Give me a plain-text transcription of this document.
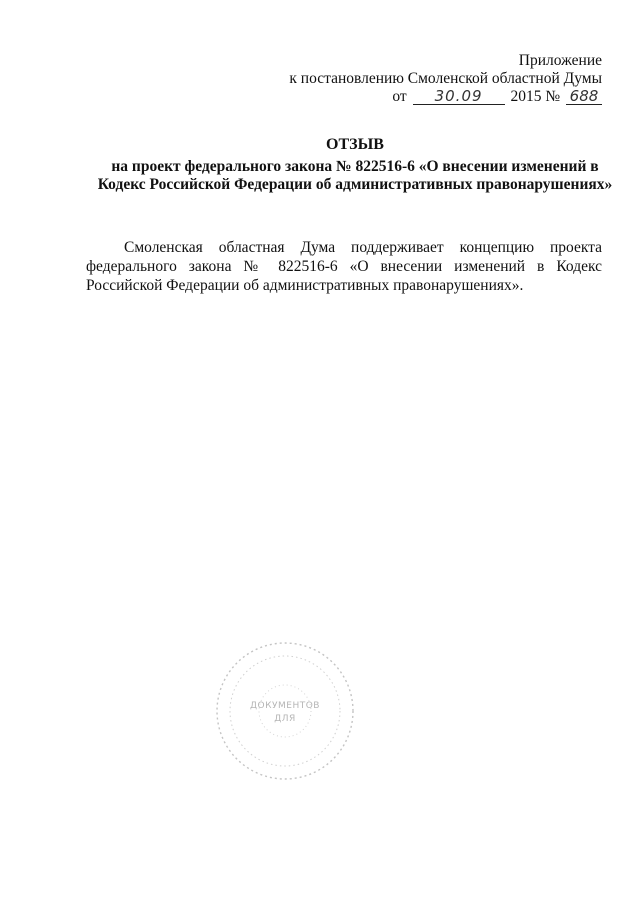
Приложение
к постановлению Смоленской областной Думы
от 30.09 2015 № 688
ОТЗЫВ
на проект федерального закона № 822516-6 «О внесении изменений в
Кодекс Российской Федерации об административных правонарушениях»

Смоленская областная Дума поддерживает концепцию проекта федерального закона № 822516-6 «О внесении изменений в Кодекс Российской Федерации об административных правонарушениях».

ДОКУМЕНТОВ
ДЛЯ
